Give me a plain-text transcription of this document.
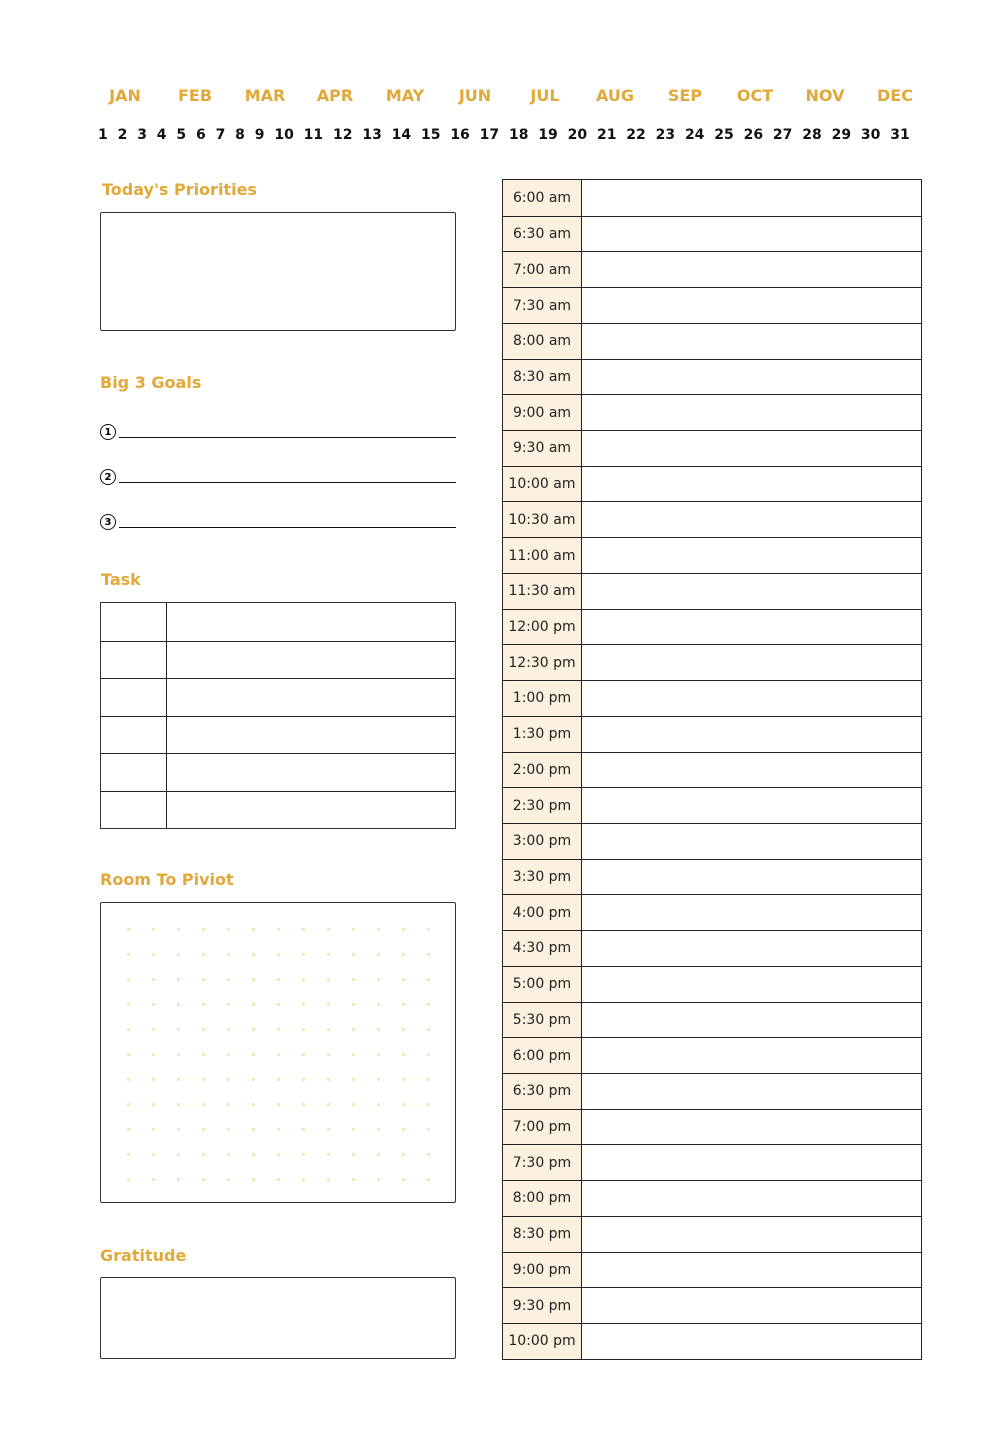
JAN	FEB	MAR	APR	MAY	JUN	JUL	AUG	SEP	OCT	NOV	DEC
1 2 3 4 5 6 7 8 9 10 11 12 13 14 15 16 17 18 19 20 21 22 23 24 25 26 27 28 29 30 31
Today's Priorities
Big 3 Goals
1
2
3
Task
Room To Piviot
Gratitude
6:00 am
6:30 am
7:00 am
7:30 am
8:00 am
8:30 am
9:00 am
9:30 am
10:00 am
10:30 am
11:00 am
11:30 am
12:00 pm
12:30 pm
1:00 pm
1:30 pm
2:00 pm
2:30 pm
3:00 pm
3:30 pm
4:00 pm
4:30 pm
5:00 pm
5:30 pm
6:00 pm
6:30 pm
7:00 pm
7:30 pm
8:00 pm
8:30 pm
9:00 pm
9:30 pm
10:00 pm
